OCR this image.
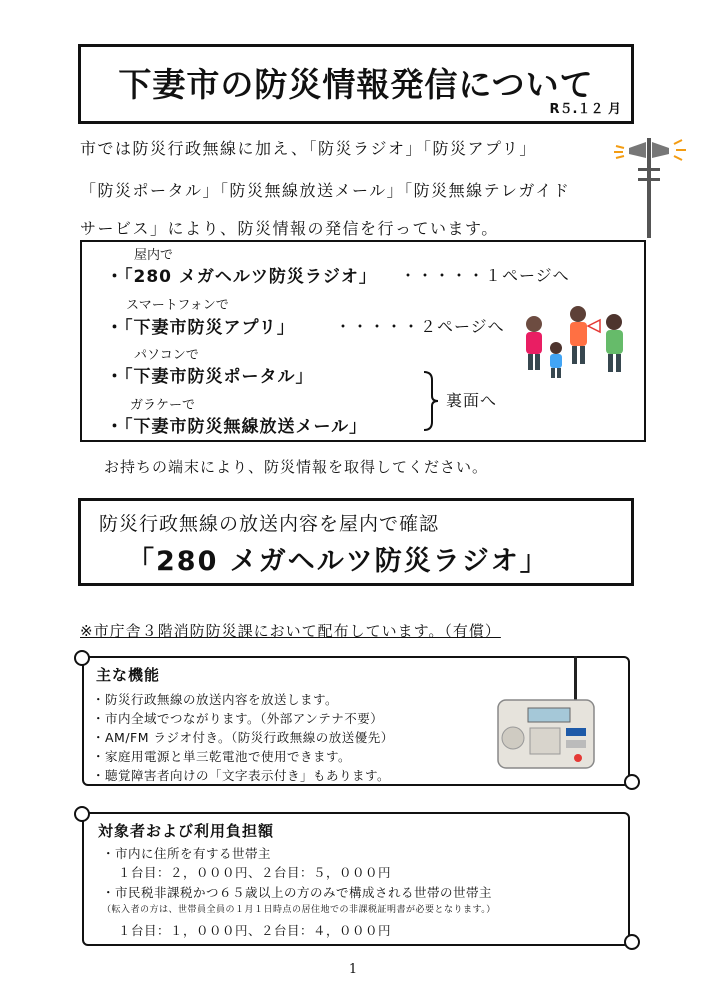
下妻市の防災情報発信について
R５.１２ 月
市では防災行政無線に加え、「防災ラジオ」「防災アプリ」
「防災ポータル」「防災無線放送メール」「防災無線テレガイド
サービス」により、防災情報の発信を行っています。
屋内で
・「280 メガヘルツ防災ラジオ」 ・・・・・１ページへ
スマートフォンで
・「下妻市防災アプリ」	・・・・・２ページへ
パソコンで
・「下妻市防災ポータル」
ガラケーで
・「下妻市防災無線放送メール」
裏面へ
お持ちの端末により、防災情報を取得してください。
防災行政無線の放送内容を屋内で確認
「280 メガヘルツ防災ラジオ」
※市庁舎３階消防防災課において配布しています。（有償）
主な機能
・防災行政無線の放送内容を放送します。
・市内全域でつながります。（外部アンテナ不要）
・AM/FM ラジオ付き。（防災行政無線の放送優先）
・家庭用電源と単三乾電池で使用できます。
・聴覚障害者向けの「文字表示付き」もあります。
対象者および利用負担額
・市内に住所を有する世帯主
１台目：２，０００円、２台目：５，０００円
・市民税非課税かつ６５歳以上の方のみで構成される世帯の世帯主
（転入者の方は、世帯員全員の１月１日時点の居住地での非課税証明書が必要となります。）
１台目：１，０００円、２台目：４，０００円
1
